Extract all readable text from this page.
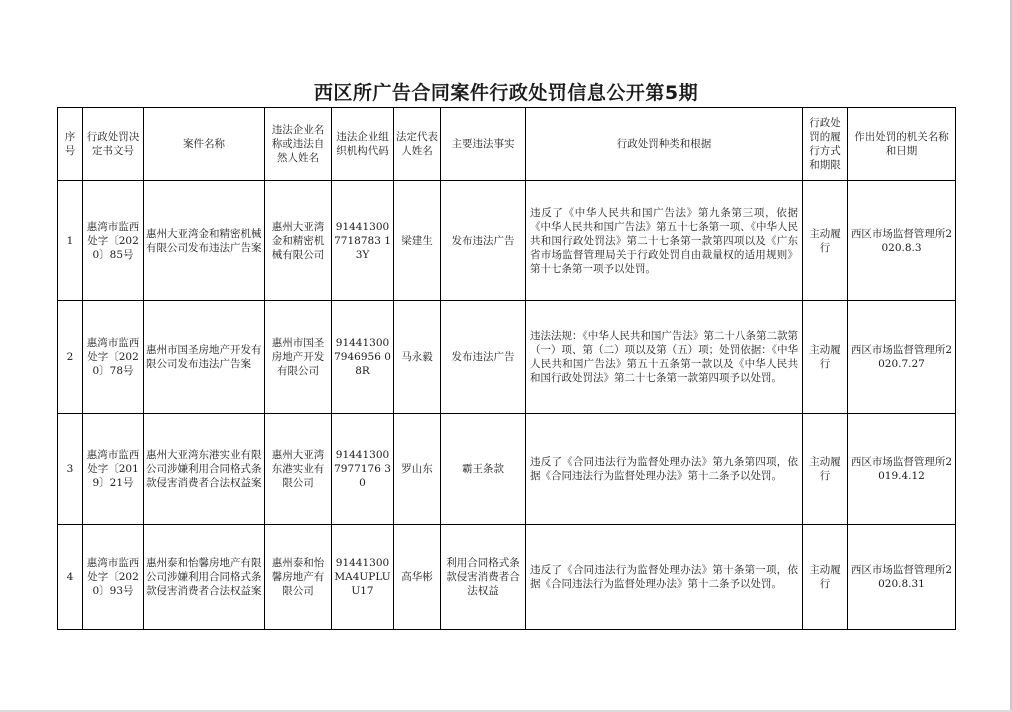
西区所广告合同案件行政处罚信息公开第5期
序号	行政处罚决定书文号	案件名称	违法企业名称或违法自然人姓名	违法企业组织机构代码	法定代表人姓名	主要违法事实	行政处罚种类和根据	行政处罚的履行方式和期限	作出处罚的机关名称和日期
1	惠湾市监西处字〔2020〕85号	惠州大亚湾金和精密机械有限公司发布违法广告案	惠州大亚湾金和精密机械有限公司	914413007718783 13Y	梁建生	发布违法广告	违反了《中华人民共和国广告法》第九条第三项，依据《中华人民共和国广告法》第五十七条第一项、《中华人民共和国行政处罚法》第二十七条第一款第四项以及《广东省市场监督管理局关于行政处罚自由裁量权的适用规则》第十七条第一项予以处罚。	主动履行	西区市场监督管理所2020.8.3
2	惠湾市监西处字〔2020〕78号	惠州市国圣房地产开发有限公司发布违法广告案	惠州市国圣房地产开发有限公司	914413007946956 08R	马永毅	发布违法广告	违法法规：《中华人民共和国广告法》第二十八条第二款第（一）项、第（二）项以及第（五）项；处罚依据：《中华人民共和国广告法》第五十五条第一款以及《中华人民共和国行政处罚法》第二十七条第一款第四项予以处罚。	主动履行	西区市场监督管理所2020.7.27
3	惠湾市监西处字〔2019〕21号	惠州大亚湾东港实业有限公司涉嫌利用合同格式条款侵害消费者合法权益案	惠州大亚湾东港实业有限公司	914413007977176 30	罗山东	霸王条款	违反了《合同违法行为监督处理办法》第九条第四项，依据《合同违法行为监督处理办法》第十二条予以处罚。	主动履行	西区市场监督管理所2019.4.12
4	惠湾市监西处字〔2020〕93号	惠州泰和怡馨房地产有限公司涉嫌利用合同格式条款侵害消费者合法权益案	惠州泰和怡馨房地产有限公司	91441300MA4UPLUU17	高华彬	利用合同格式条款侵害消费者合法权益	违反了《合同违法行为监督处理办法》第十条第一项，依据《合同违法行为监督处理办法》第十二条予以处罚。	主动履行	西区市场监督管理所2020.8.31
